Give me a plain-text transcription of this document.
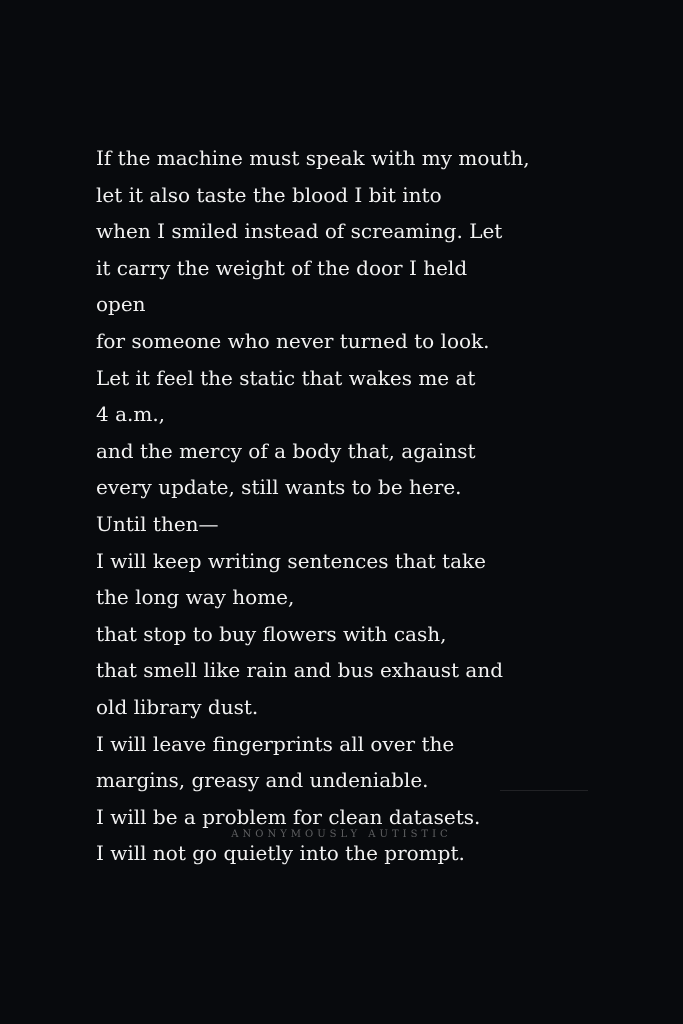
If the machine must speak with my mouth,
let it also taste the blood I bit into
when I smiled instead of screaming. Let
it carry the weight of the door I held
open
for someone who never turned to look.
Let it feel the static that wakes me at
4 a.m.,
and the mercy of a body that, against
every update, still wants to be here.
Until then—
I will keep writing sentences that take
the long way home,
that stop to buy flowers with cash,
that smell like rain and bus exhaust and
old library dust.
I will leave fingerprints all over the
margins, greasy and undeniable.
I will be a problem for clean datasets.
I will not go quietly into the prompt.
ANONYMOUSLY AUTISTIC
